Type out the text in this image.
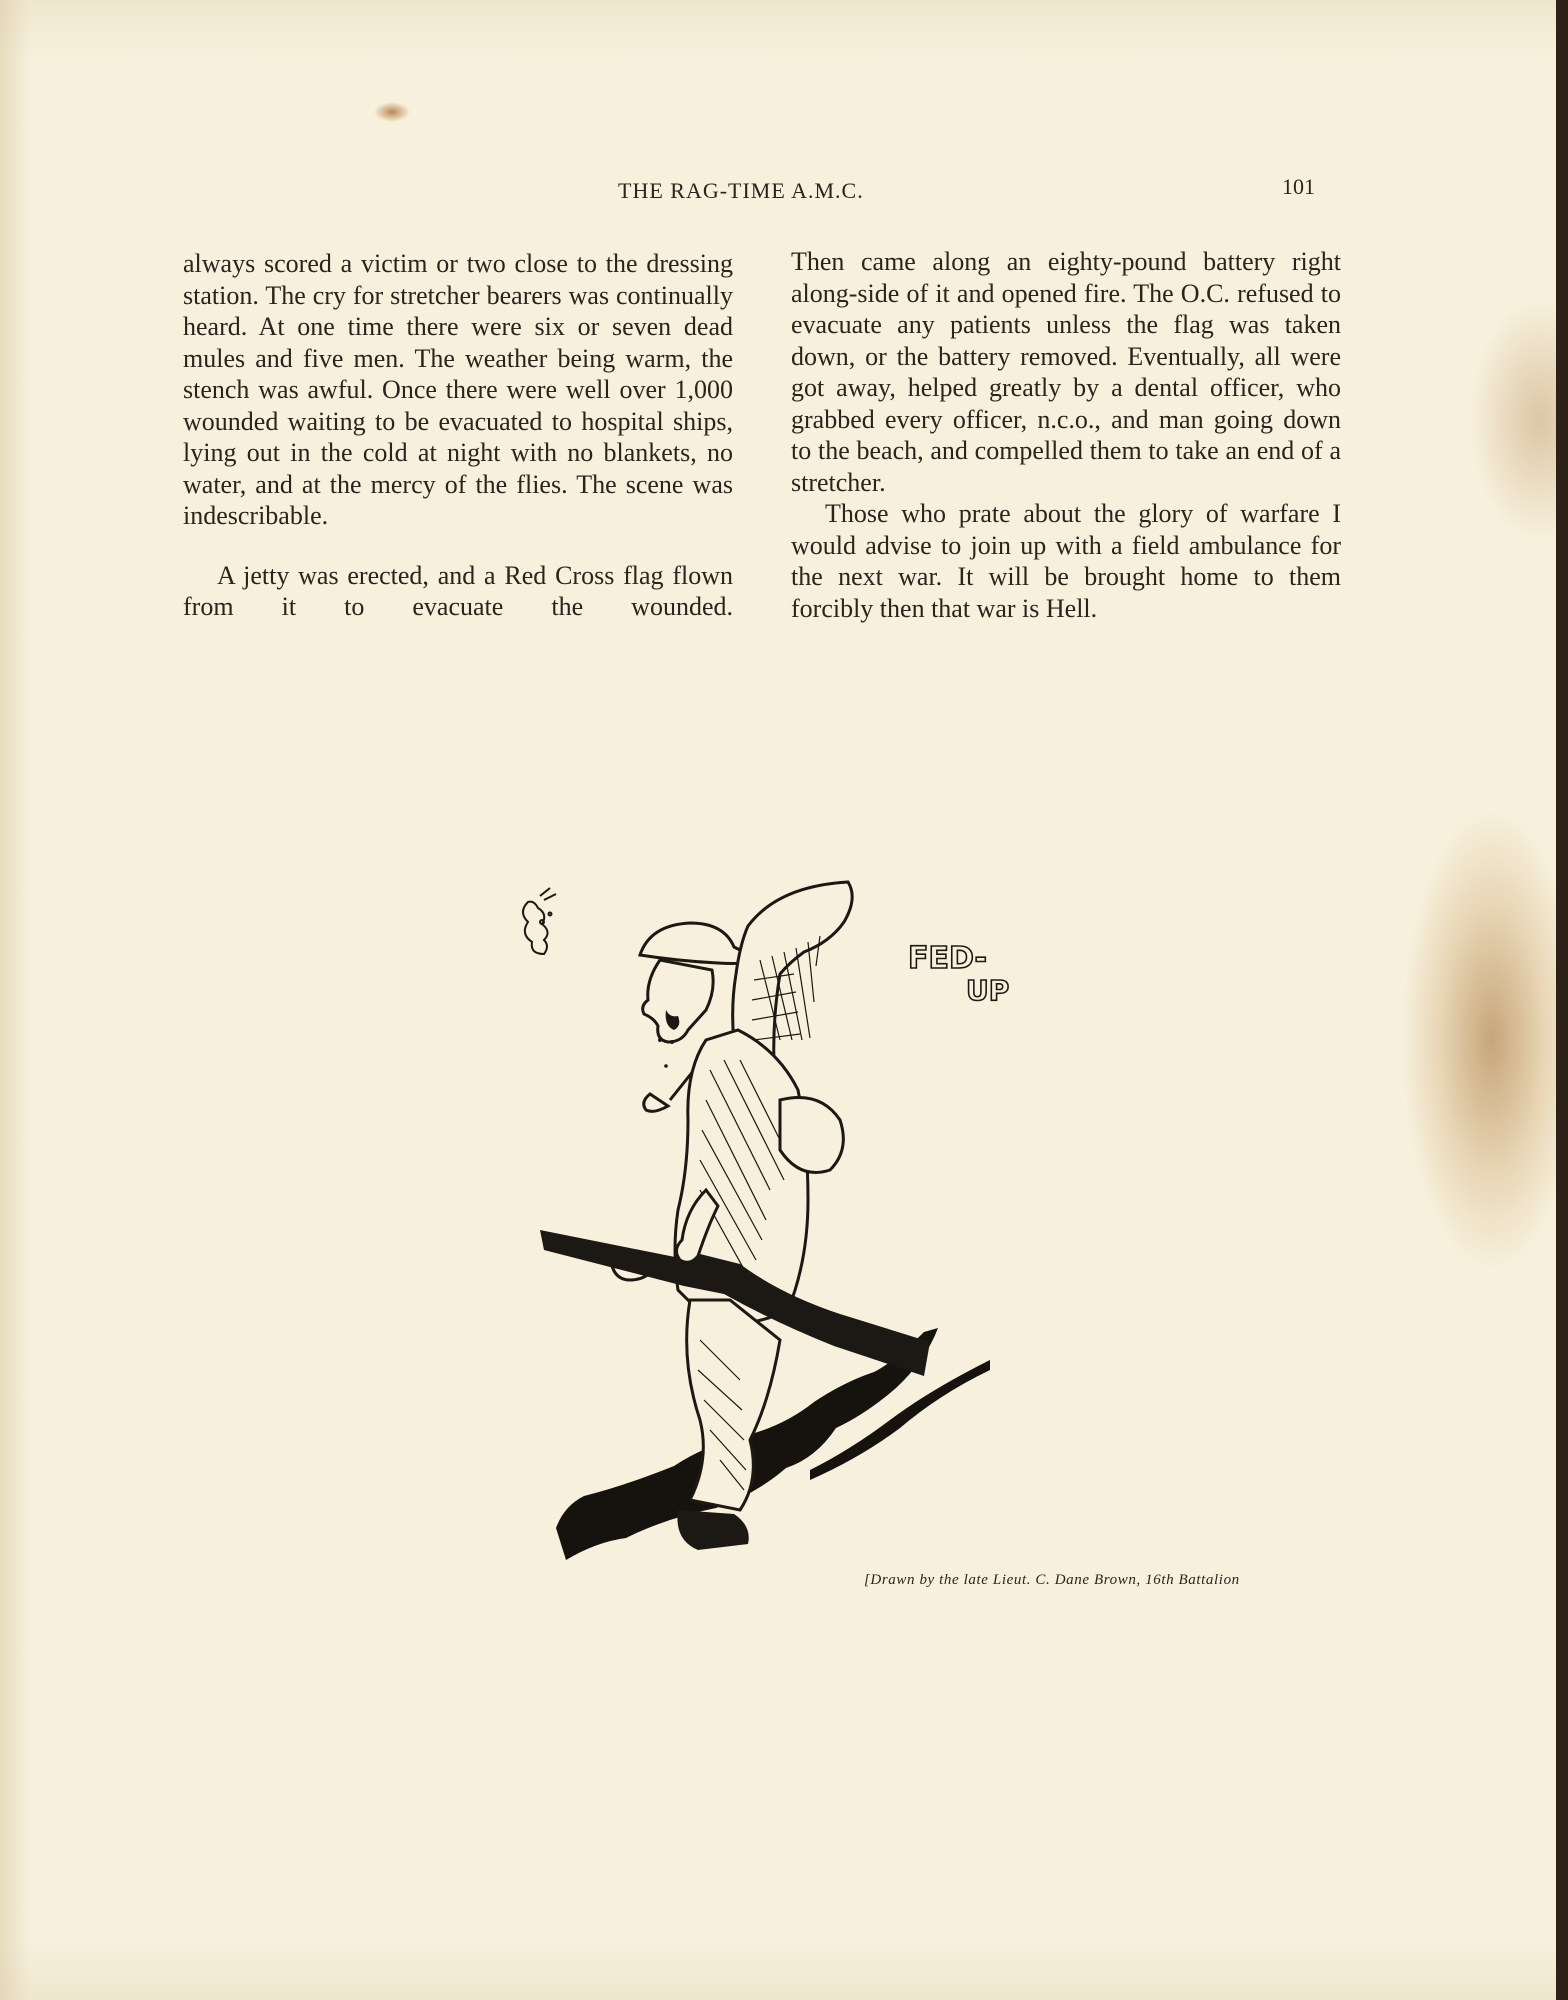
THE RAG-TIME A.M.C.	101

always scored a victim or two close to the dressing station. The cry for stretcher bearers was continually heard. At one time there were six or seven dead mules and five men. The weather being warm, the stench was awful. Once there were well over 1,000 wounded waiting to be evacuated to hospital ships, lying out in the cold at night with no blankets, no water, and at the mercy of the flies. The scene was indescribable.

A jetty was erected, and a Red Cross flag flown from it to evacuate the wounded.

Then came along an eighty-pound battery right along-side of it and opened fire. The O.C. refused to evacuate any patients unless the flag was taken down, or the battery removed. Eventually, all were got away, helped greatly by a dental officer, who grabbed every officer, n.c.o., and man going down to the beach, and compelled them to take an end of a stretcher.

Those who prate about the glory of warfare I would advise to join up with a field ambulance for the next war. It will be brought home to them forcibly then that war is Hell.

FED-
UP
[Drawn by the late Lieut. C. Dane Brown, 16th Battalion
